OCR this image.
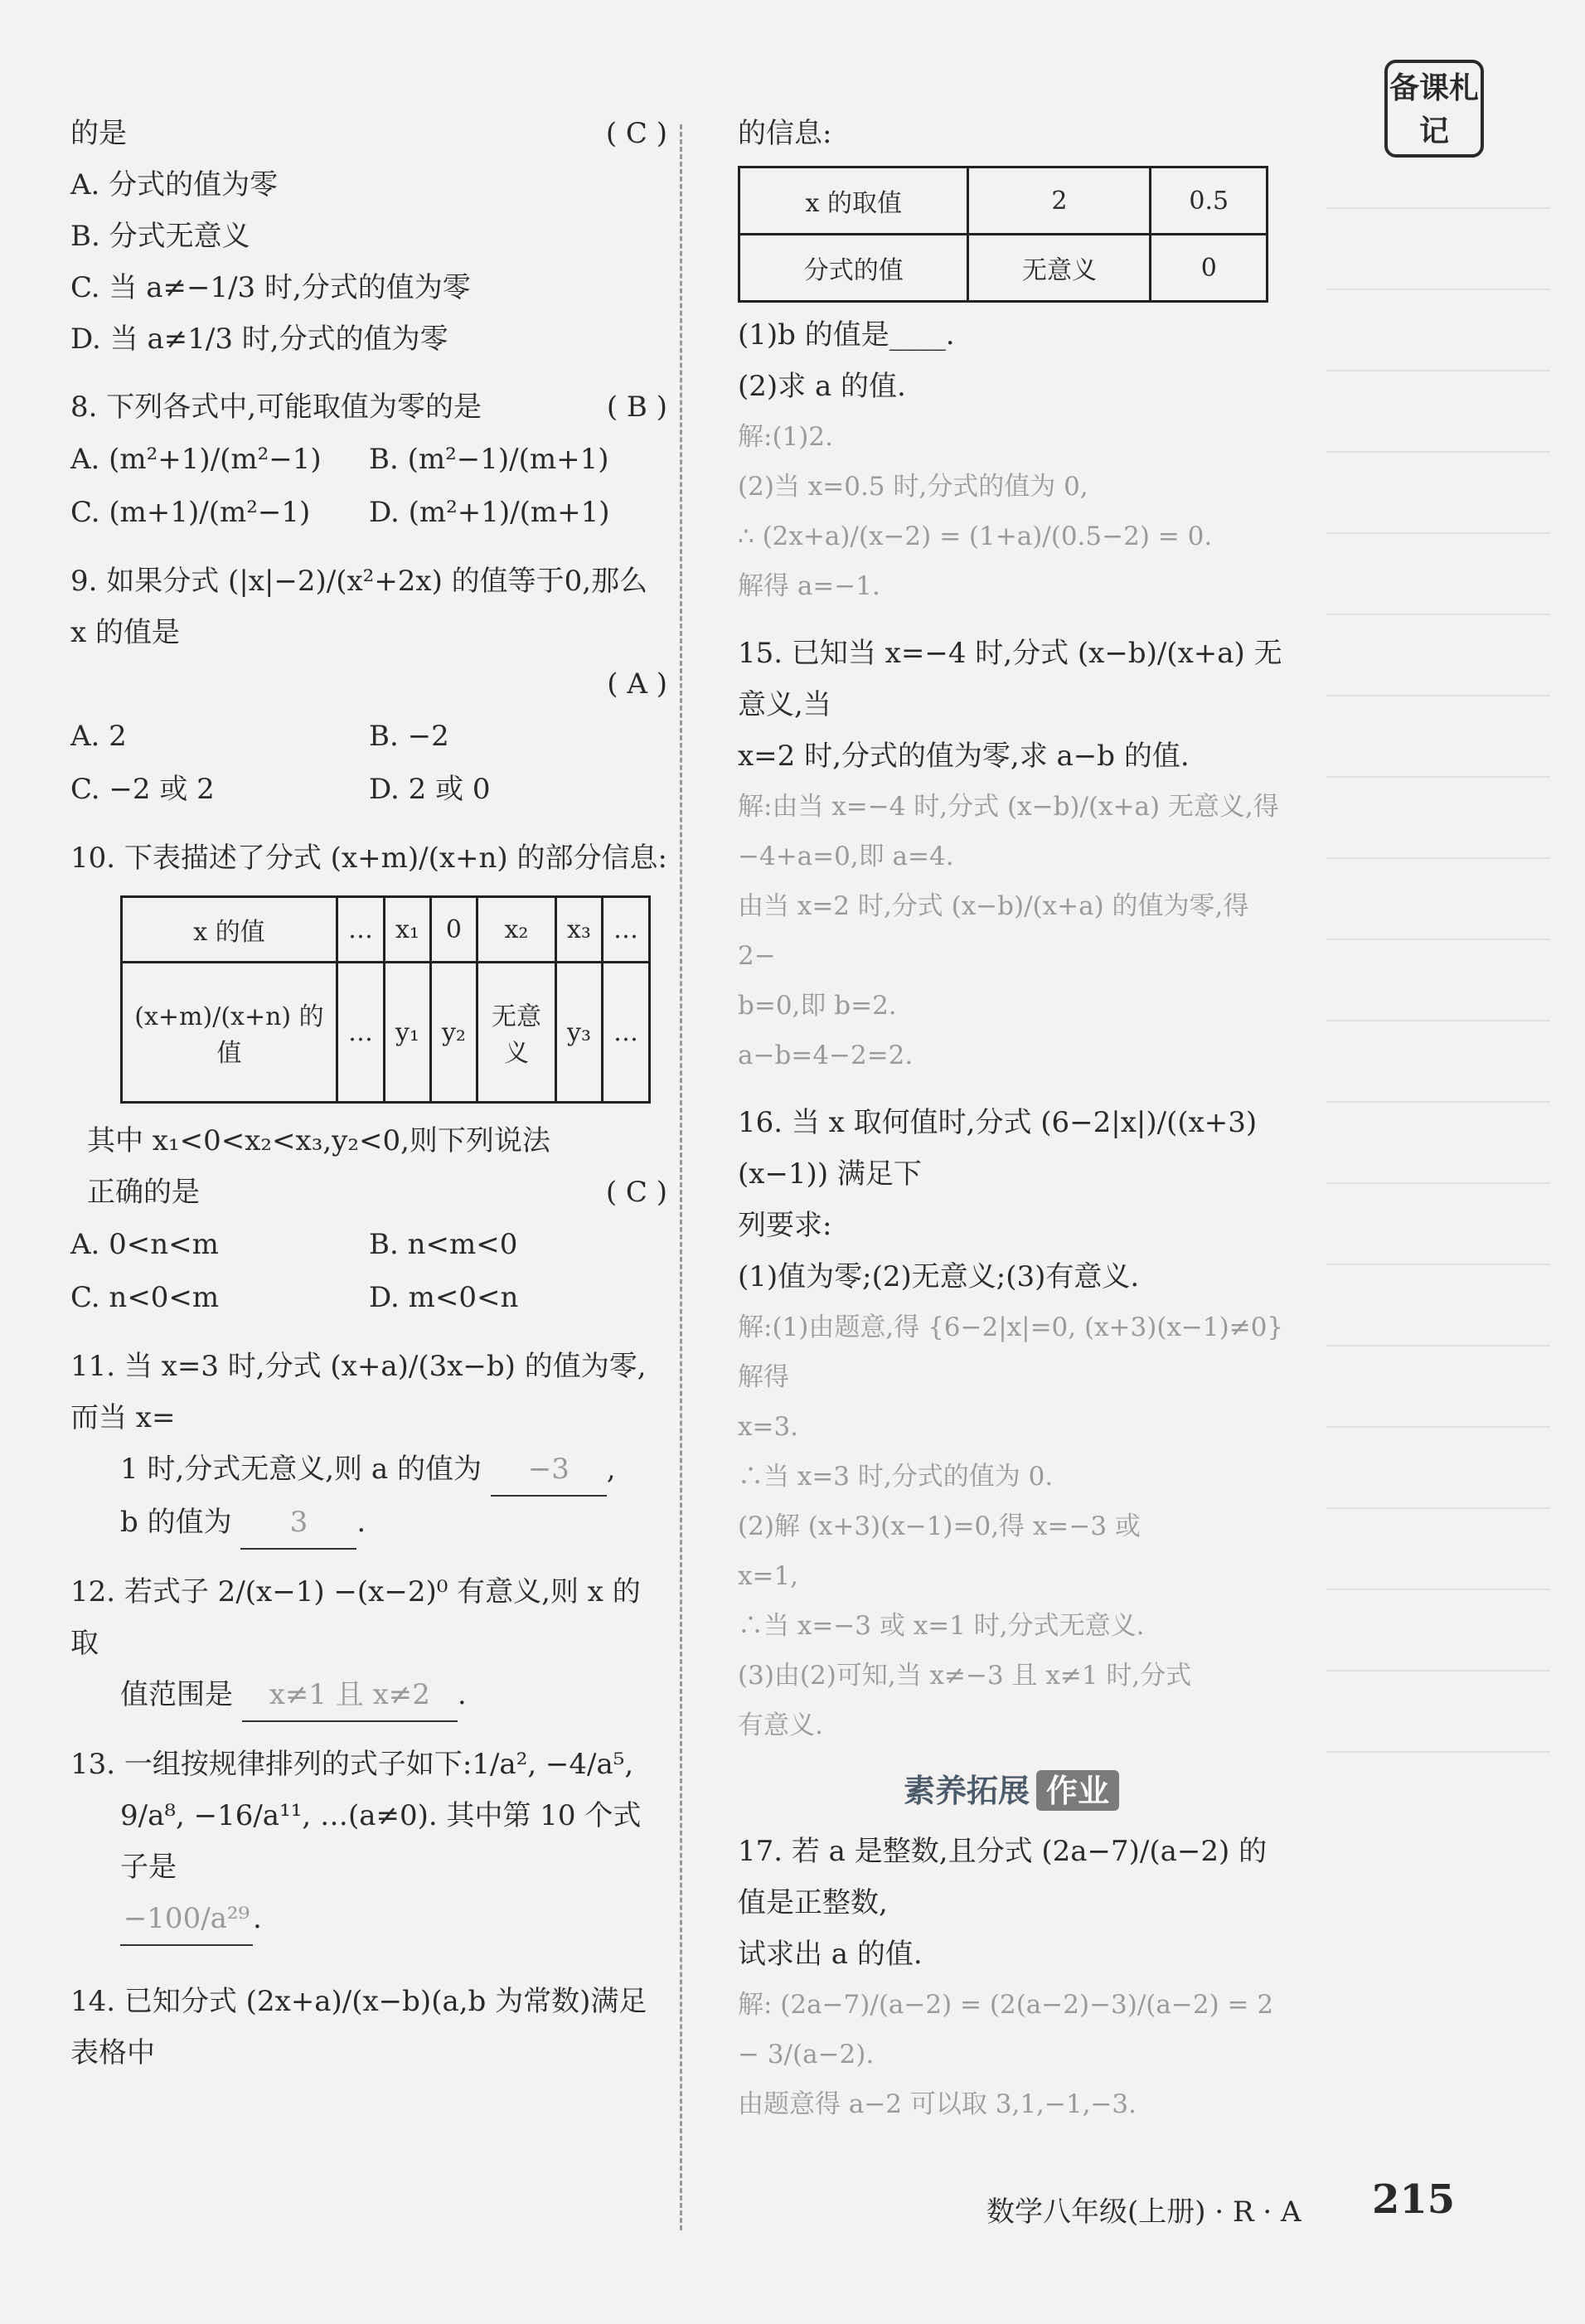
备课札记
的是	( C )
A. 分式的值为零
B. 分式无意义
C. 当 a≠−1/3 时,分式的值为零
D. 当 a≠1/3 时,分式的值为零
8. 下列各式中,可能取值为零的是	( B )
A. (m²+1)/(m²−1)	B. (m²−1)/(m+1)
C. (m+1)/(m²−1)	D. (m²+1)/(m+1)
9. 如果分式 (|x|−2)/(x²+2x) 的值等于0,那么 x 的值是
( A )

A. 2	B. −2
C. −2 或 2	D. 2 或 0
10. 下表描述了分式 (x+m)/(x+n) 的部分信息:
x 的值	…	x₁	0	x₂	x₃	…
(x+m)/(x+n) 的值	…	y₁	y₂	无意义	y₃	…
其中 x₁<0<x₂<x₃,y₂<0,则下列说法
正确的是	( C )
A. 0<n<m	B. n<m<0
C. n<0<m	D. m<0<n
11. 当 x=3 时,分式 (x+a)/(3x−b) 的值为零,而当 x=
1 时,分式无意义,则 a 的值为 −3 ,
b 的值为 3 .
12. 若式子 2/(x−1) −(x−2)⁰ 有意义,则 x 的取
值范围是 x≠1 且 x≠2 .
13. 一组按规律排列的式子如下:1/a², −4/a⁵,
9/a⁸, −16/a¹¹, …(a≠0). 其中第 10 个式子是
−100/a²⁹ .
14. 已知分式 (2x+a)/(x−b)(a,b 为常数)满足表格中
的信息:
x 的取值	2	0.5
分式的值	无意义	0
(1)b 的值是____.
(2)求 a 的值.
解:(1)2.
(2)当 x=0.5 时,分式的值为 0,
∴ (2x+a)/(x−2) = (1+a)/(0.5−2) = 0.
解得 a=−1.
15. 已知当 x=−4 时,分式 (x−b)/(x+a) 无意义,当
x=2 时,分式的值为零,求 a−b 的值.
解:由当 x=−4 时,分式 (x−b)/(x+a) 无意义,得
−4+a=0,即 a=4.
由当 x=2 时,分式 (x−b)/(x+a) 的值为零,得 2−
b=0,即 b=2.
a−b=4−2=2.
16. 当 x 取何值时,分式 (6−2|x|)/((x+3)(x−1)) 满足下
列要求:
(1)值为零;(2)无意义;(3)有意义.
解:(1)由题意,得 {6−2|x|=0, (x+3)(x−1)≠0} 解得
x=3.
∴当 x=3 时,分式的值为 0.
(2)解 (x+3)(x−1)=0,得 x=−3 或
x=1,
∴当 x=−3 或 x=1 时,分式无意义.
(3)由(2)可知,当 x≠−3 且 x≠1 时,分式
有意义.
素养拓展 作业
17. 若 a 是整数,且分式 (2a−7)/(a−2) 的值是正整数,
试求出 a 的值.
解: (2a−7)/(a−2) = (2(a−2)−3)/(a−2) = 2 − 3/(a−2).
由题意得 a−2 可以取 3,1,−1,−3.
数学八年级(上册) · R · A 215
